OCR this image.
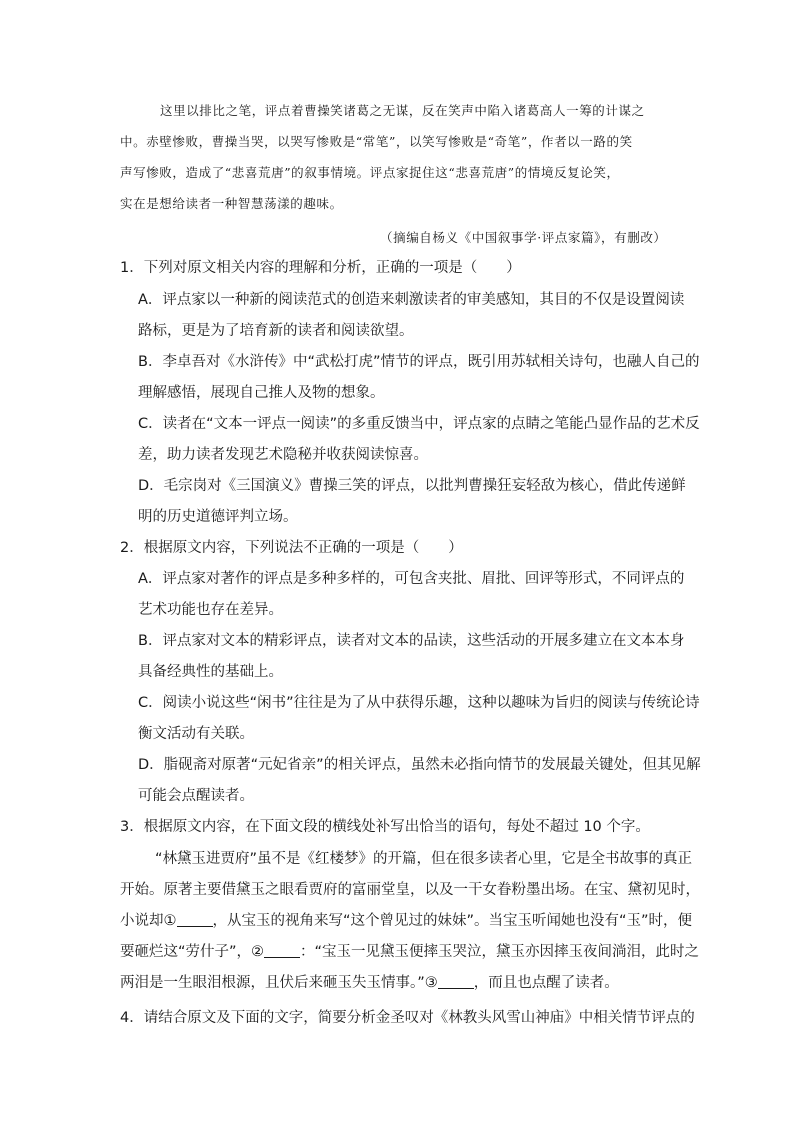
这里以排比之笔，评点着曹操笑诸葛之无谋，反在笑声中陷入诸葛高人一筹的计谋之
中。赤壁惨败，曹操当哭，以哭写惨败是“常笔”，以笑写惨败是“奇笔”，作者以一路的笑
声写惨败，造成了“悲喜荒唐”的叙事情境。评点家捉住这“悲喜荒唐”的情境反复论笑，
实在是想给读者一种智慧荡漾的趣味。
（摘编自杨义《中国叙事学·评点家篇》，有删改）
1．下列对原文相关内容的理解和分析，正确的一项是（　　）
A．评点家以一种新的阅读范式的创造来刺激读者的审美感知，其目的不仅是设置阅读
路标，更是为了培育新的读者和阅读欲望。
B．李卓吾对《水浒传》中“武松打虎”情节的评点，既引用苏轼相关诗句，也融人自己的
理解感悟，展现自己推人及物的想象。
C．读者在“文本一评点一阅读”的多重反馈当中，评点家的点睛之笔能凸显作品的艺术反
差，助力读者发现艺术隐秘并收获阅读惊喜。
D．毛宗岗对《三国演义》曹操三笑的评点，以批判曹操狂妄轻敌为核心，借此传递鲜
明的历史道德评判立场。
2．根据原文内容，下列说法不正确的一项是（　　）
A．评点家对著作的评点是多种多样的，可包含夹批、眉批、回评等形式，不同评点的
艺术功能也存在差异。
B．评点家对文本的精彩评点，读者对文本的品读，这些活动的开展多建立在文本本身
具备经典性的基础上。
C．阅读小说这些“闲书”往往是为了从中获得乐趣，这种以趣味为旨归的阅读与传统论诗
衡文活动有关联。
D．脂砚斋对原著“元妃省亲”的相关评点，虽然未必指向情节的发展最关键处，但其见解
可能会点醒读者。
3．根据原文内容，在下面文段的横线处补写出恰当的语句，每处不超过 10 个字。
“林黛玉进贾府”虽不是《红楼梦》的开篇，但在很多读者心里，它是全书故事的真正
开始。原著主要借黛玉之眼看贾府的富丽堂皇，以及一干女眷粉墨出场。在宝、黛初见时，
小说却① ，从宝玉的视角来写“这个曾见过的妹妹”。当宝玉听闻她也没有“玉”时，便
要砸烂这“劳什子”，② ：“宝玉一见黛玉便摔玉哭泣，黛玉亦因摔玉夜间淌泪，此时之
两泪是一生眼泪根源，且伏后来砸玉失玉情事。”③ ，而且也点醒了读者。
4．请结合原文及下面的文字，简要分析金圣叹对《林教头风雪山神庙》中相关情节评点的
